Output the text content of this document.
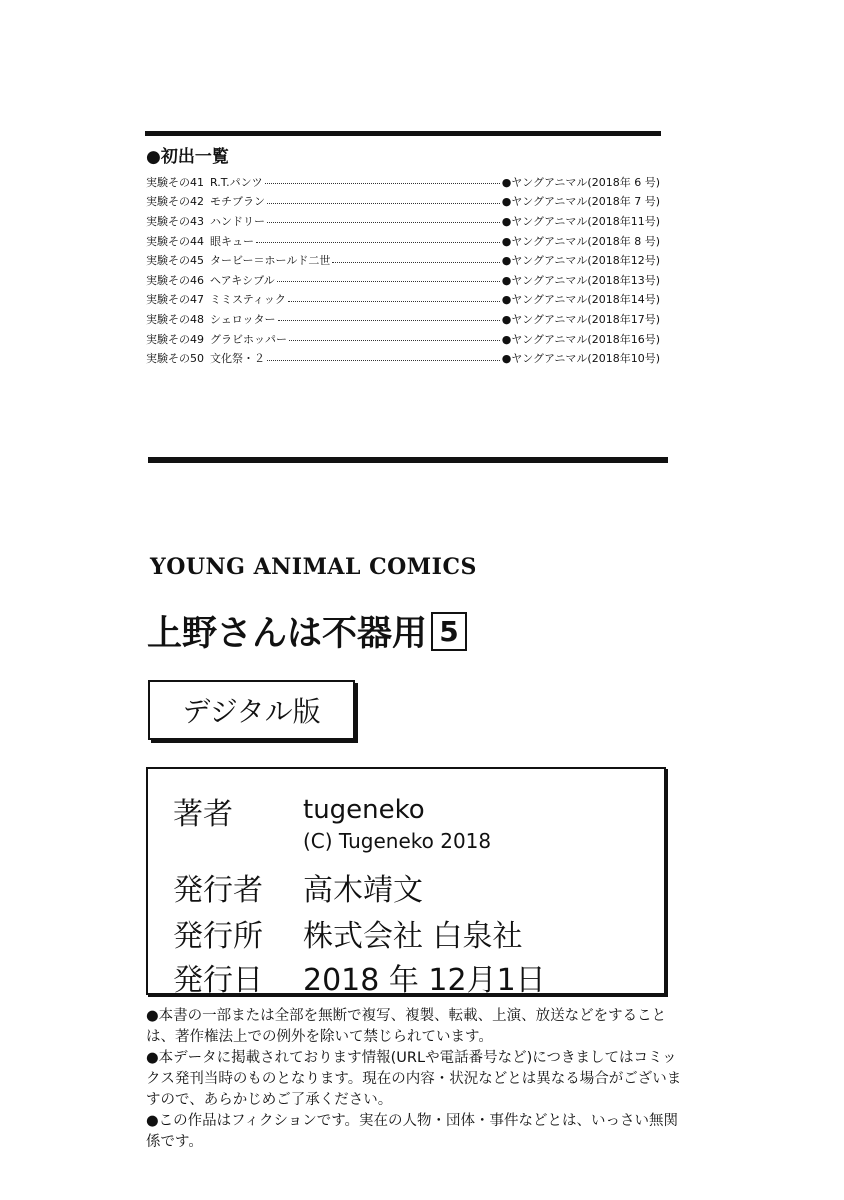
●初出一覧
実験その41 R.T.パンツ	●ヤングアニマル(2018年 6 号)
実験その42 モチブラン	●ヤングアニマル(2018年 7 号)
実験その43 ハンドリー	●ヤングアニマル(2018年11号)
実験その44 眼キュー	●ヤングアニマル(2018年 8 号)
実験その45 タービー＝ホールド二世	●ヤングアニマル(2018年12号)
実験その46 ヘアキシブル	●ヤングアニマル(2018年13号)
実験その47 ミミスティック	●ヤングアニマル(2018年14号)
実験その48 シェロッター	●ヤングアニマル(2018年17号)
実験その49 グラビホッパー	●ヤングアニマル(2018年16号)
実験その50 文化祭・２	●ヤングアニマル(2018年10号)
YOUNG ANIMAL COMICS
上野さんは不器用 5
デジタル版
著者	tugeneko
(C) Tugeneko 2018
発行者 高木靖文
発行所 株式会社 白泉社
発行日 2018 年 12月1日

●本書の一部または全部を無断で複写、複製、転載、上演、放送などをすることは、著作権法上での例外を除いて禁じられています。

●本データに掲載されております情報(URLや電話番号など)につきましてはコミックス発刊当時のものとなります。現在の内容・状況などとは異なる場合がございますので、あらかじめご了承ください。

●この作品はフィクションです。実在の人物・団体・事件などとは、いっさい無関係です。
